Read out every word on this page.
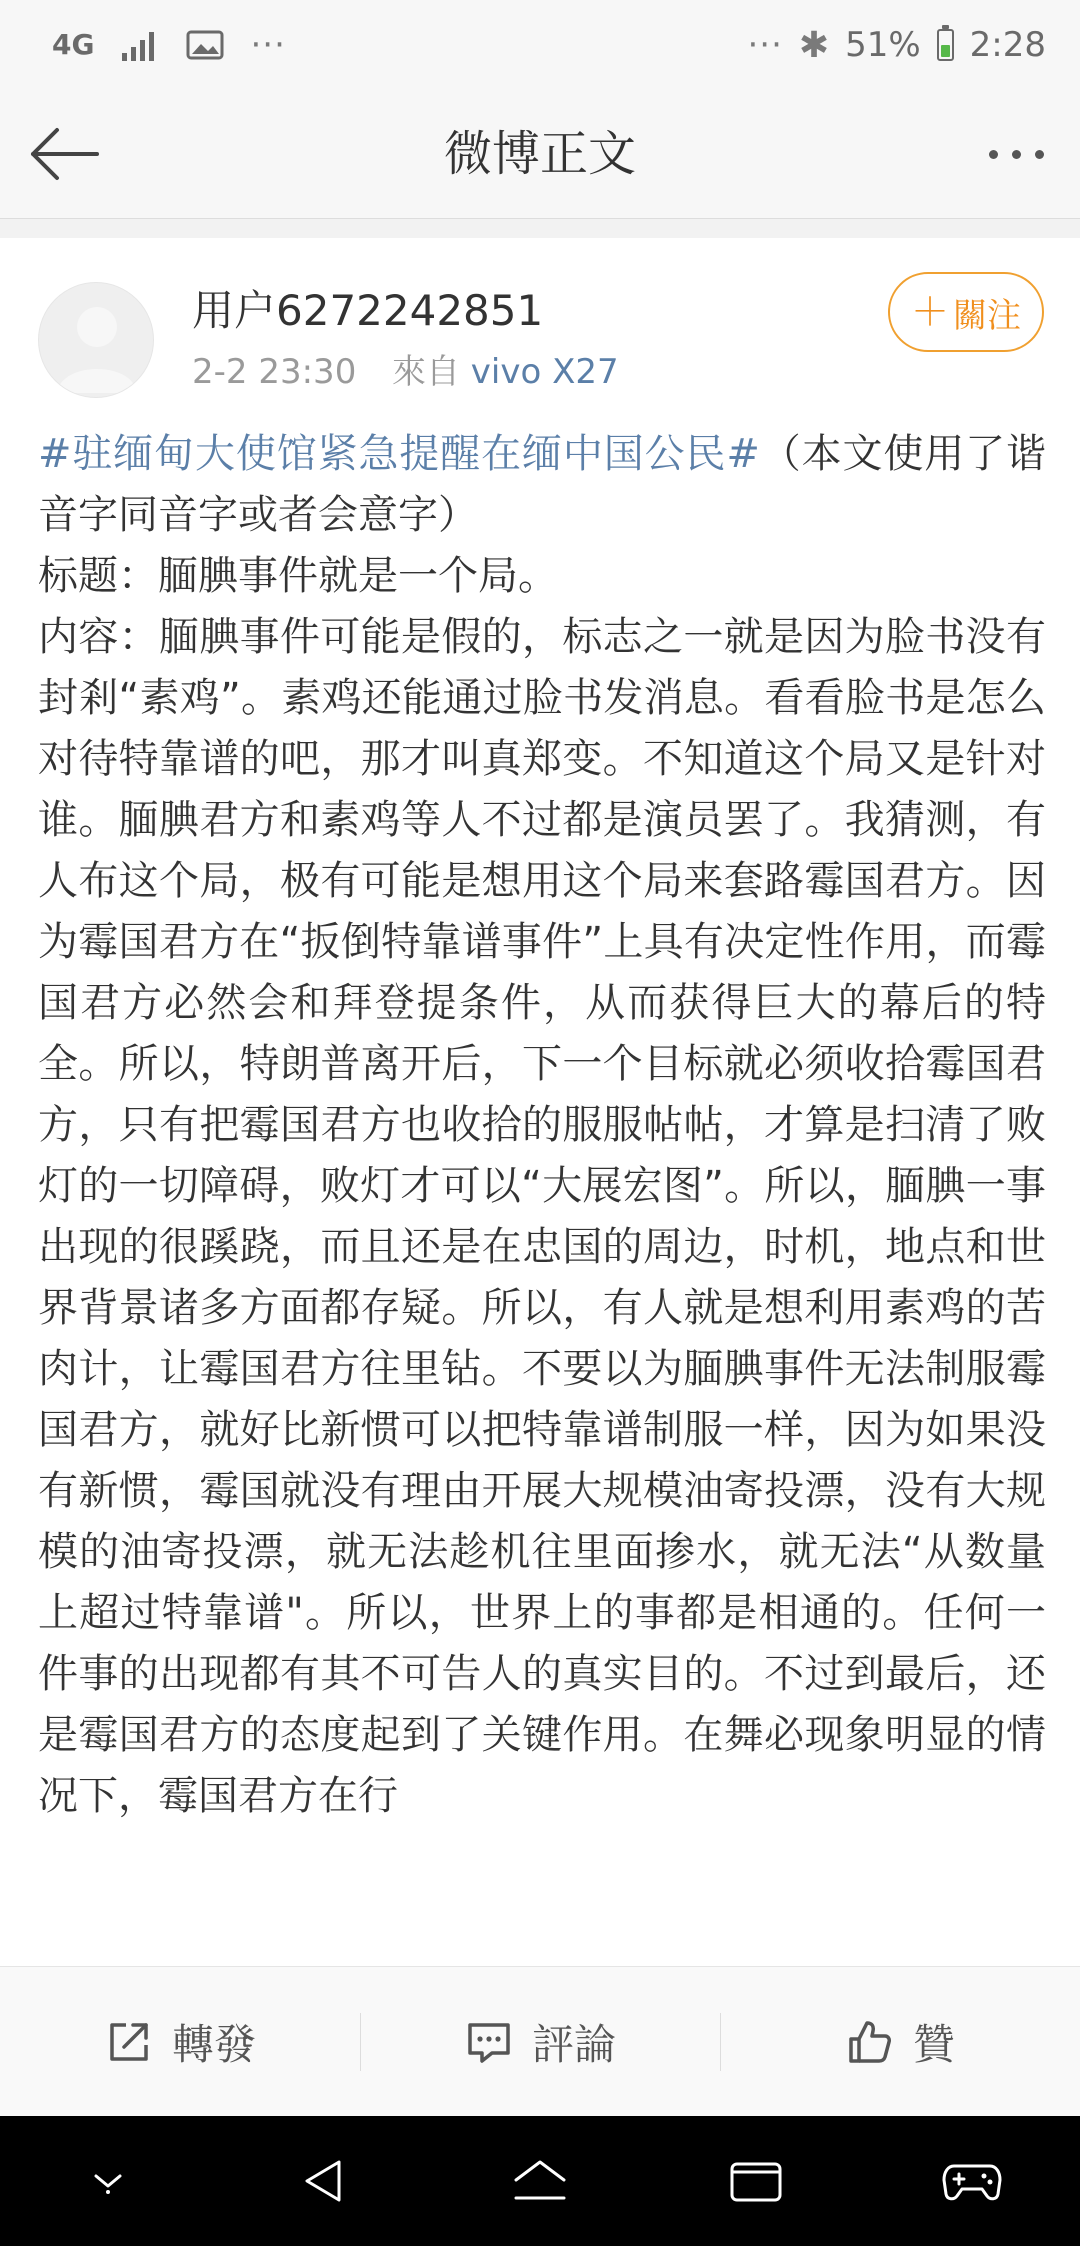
4G	···	··· ✱ 51% 2:28
微博正文
用户6272242851
2-2 23:30 來自 vivo X27
＋ 關注

#驻缅甸大使馆紧急提醒在缅中国公民#（本文使用了谐音字同音字或者会意字）

标题：腼腆事件就是一个局。

内容：腼腆事件可能是假的，标志之一就是因为脸书没有封剎“素鸡”。素鸡还能通过脸书发消息。看看脸书是怎么对待特靠谱的吧，那才叫真郑变。不知道这个局又是针对谁。腼腆君方和素鸡等人不过都是演员罢了。我猜测，有人布这个局，极有可能是想用这个局来套路霉国君方。因为霉国君方在“扳倒特靠谱事件”上具有决定性作用，而霉国君方必然会和拜登提条件，从而获得巨大的幕后的特全。所以，特朗普离开后，下一个目标就必须收拾霉国君方，只有把霉国君方也收拾的服服帖帖，才算是扫清了败灯的一切障碍，败灯才可以“大展宏图”。所以，腼腆一事出现的很蹊跷，而且还是在忠国的周边，时机，地点和世界背景诸多方面都存疑。所以，有人就是想利用素鸡的苦肉计，让霉国君方往里钻。不要以为腼腆事件无法制服霉国君方，就好比新惯可以把特靠谱制服一样，因为如果没有新惯，霉国就没有理由开展大规模油寄投漂，没有大规模的油寄投漂，就无法趁机往里面掺水，就无法“从数量上超过特靠谱"。所以，世界上的事都是相通的。任何一件事的出现都有其不可告人的真实目的。不过到最后，还是霉国君方的态度起到了关键作用。在舞必现象明显的情况下，霉国君方在行

轉發	評論	贊
